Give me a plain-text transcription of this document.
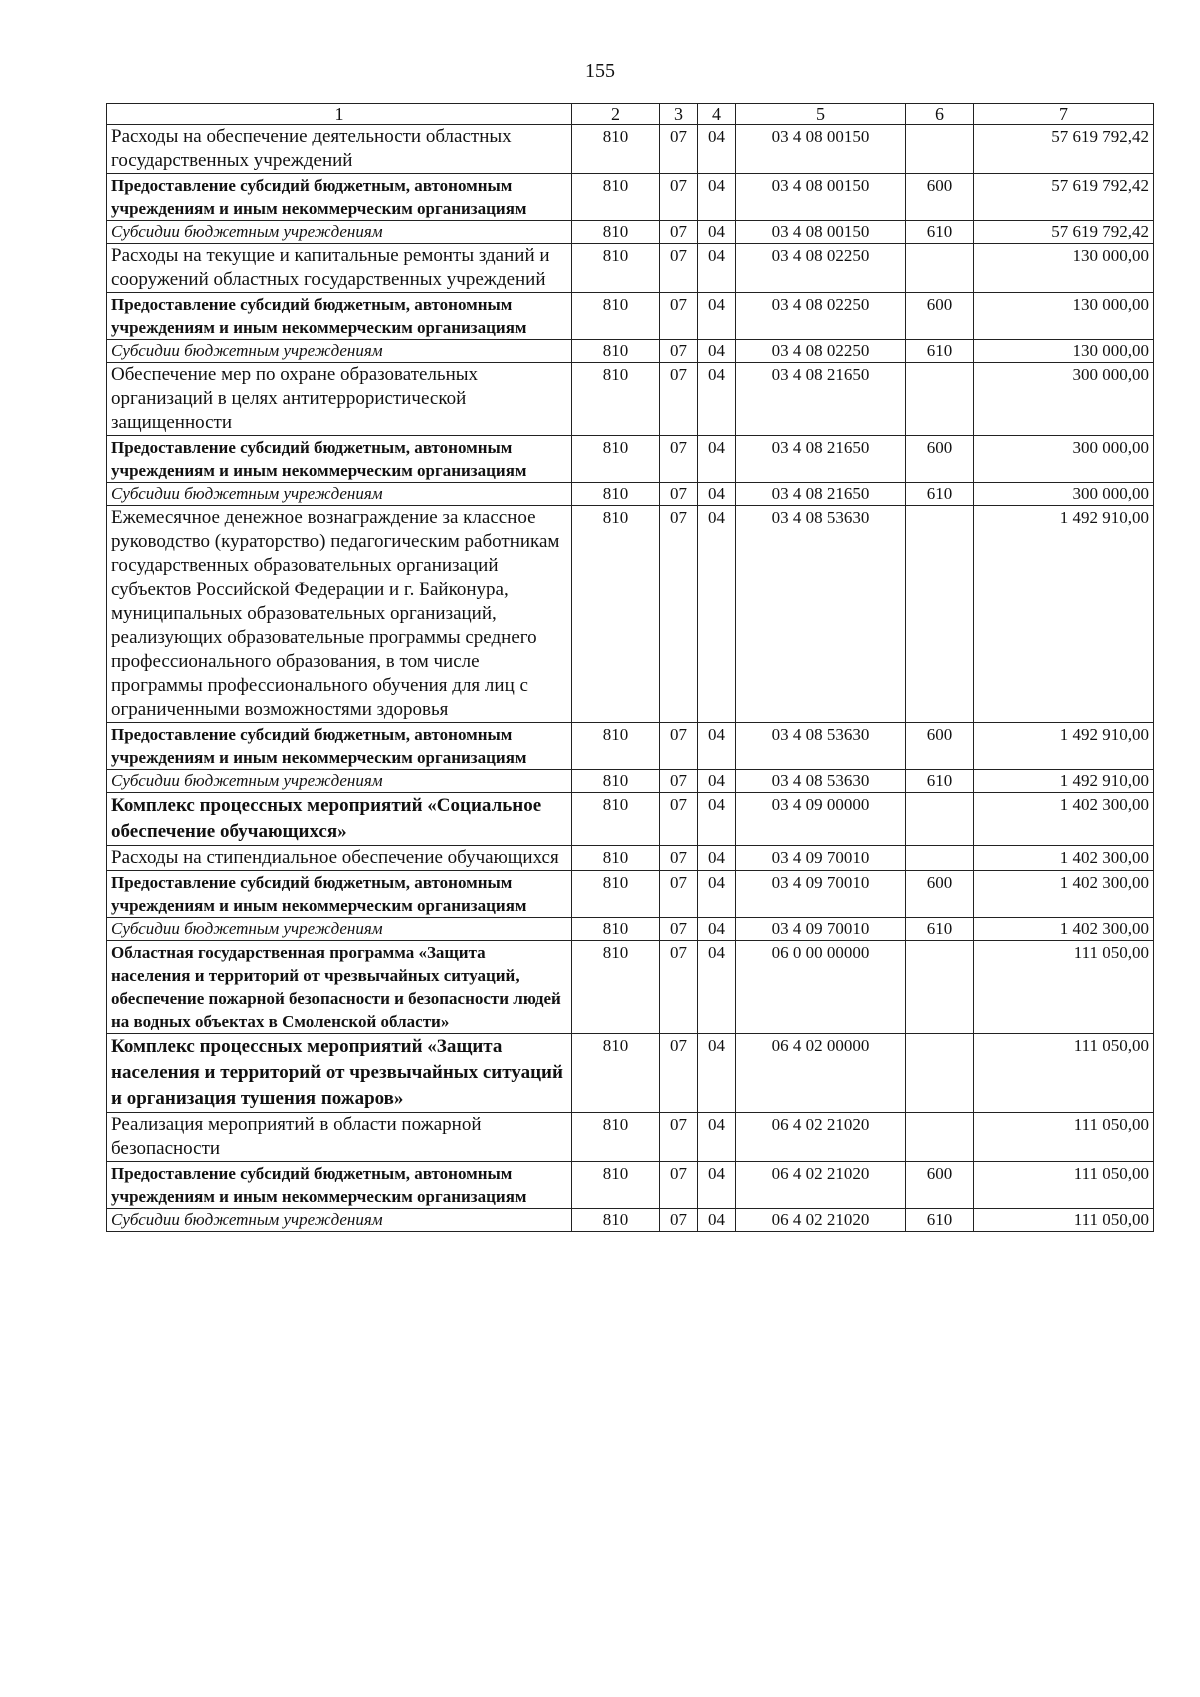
155
1	2	3	4	5	6	7
Расходы на обеспечение деятельности областных государственных учреждений	810	07	04	03 4 08 00150		57 619 792,42
Предоставление субсидий бюджетным, автономным учреждениям и иным некоммерческим организациям	810	07	04	03 4 08 00150	600	57 619 792,42
Субсидии бюджетным учреждениям	810	07	04	03 4 08 00150	610	57 619 792,42
Расходы на текущие и капитальные ремонты зданий и сооружений областных государственных учреждений	810	07	04	03 4 08 02250		130 000,00
Предоставление субсидий бюджетным, автономным учреждениям и иным некоммерческим организациям	810	07	04	03 4 08 02250	600	130 000,00
Субсидии бюджетным учреждениям	810	07	04	03 4 08 02250	610	130 000,00
Обеспечение мер по охране образовательных организаций в целях антитеррористической защищенности	810	07	04	03 4 08 21650		300 000,00
Предоставление субсидий бюджетным, автономным учреждениям и иным некоммерческим организациям	810	07	04	03 4 08 21650	600	300 000,00
Субсидии бюджетным учреждениям	810	07	04	03 4 08 21650	610	300 000,00
Ежемесячное денежное вознаграждение за классное руководство (кураторство) педагогическим работникам государственных образовательных организаций субъектов Российской Федерации и г. Байконура, муниципальных образовательных организаций, реализующих образовательные программы среднего профессионального образования, в том числе программы профессионального обучения для лиц с ограниченными возможностями здоровья	810	07	04	03 4 08 53630		1 492 910,00
Предоставление субсидий бюджетным, автономным учреждениям и иным некоммерческим организациям	810	07	04	03 4 08 53630	600	1 492 910,00
Субсидии бюджетным учреждениям	810	07	04	03 4 08 53630	610	1 492 910,00
Комплекс процессных мероприятий «Социальное обеспечение обучающихся»	810	07	04	03 4 09 00000		1 402 300,00
Расходы на стипендиальное обеспечение обучающихся	810	07	04	03 4 09 70010		1 402 300,00
Предоставление субсидий бюджетным, автономным учреждениям и иным некоммерческим организациям	810	07	04	03 4 09 70010	600	1 402 300,00
Субсидии бюджетным учреждениям	810	07	04	03 4 09 70010	610	1 402 300,00
Областная государственная программа «Защита населения и территорий от чрезвычайных ситуаций, обеспечение пожарной безопасности и безопасности людей на водных объектах в Смоленской области»	810	07	04	06 0 00 00000		111 050,00
Комплекс процессных мероприятий «Защита населения и территорий от чрезвычайных ситуаций и организация тушения пожаров»	810	07	04	06 4 02 00000		111 050,00
Реализация мероприятий в области пожарной безопасности	810	07	04	06 4 02 21020		111 050,00
Предоставление субсидий бюджетным, автономным учреждениям и иным некоммерческим организациям	810	07	04	06 4 02 21020	600	111 050,00
Субсидии бюджетным учреждениям	810	07	04	06 4 02 21020	610	111 050,00
